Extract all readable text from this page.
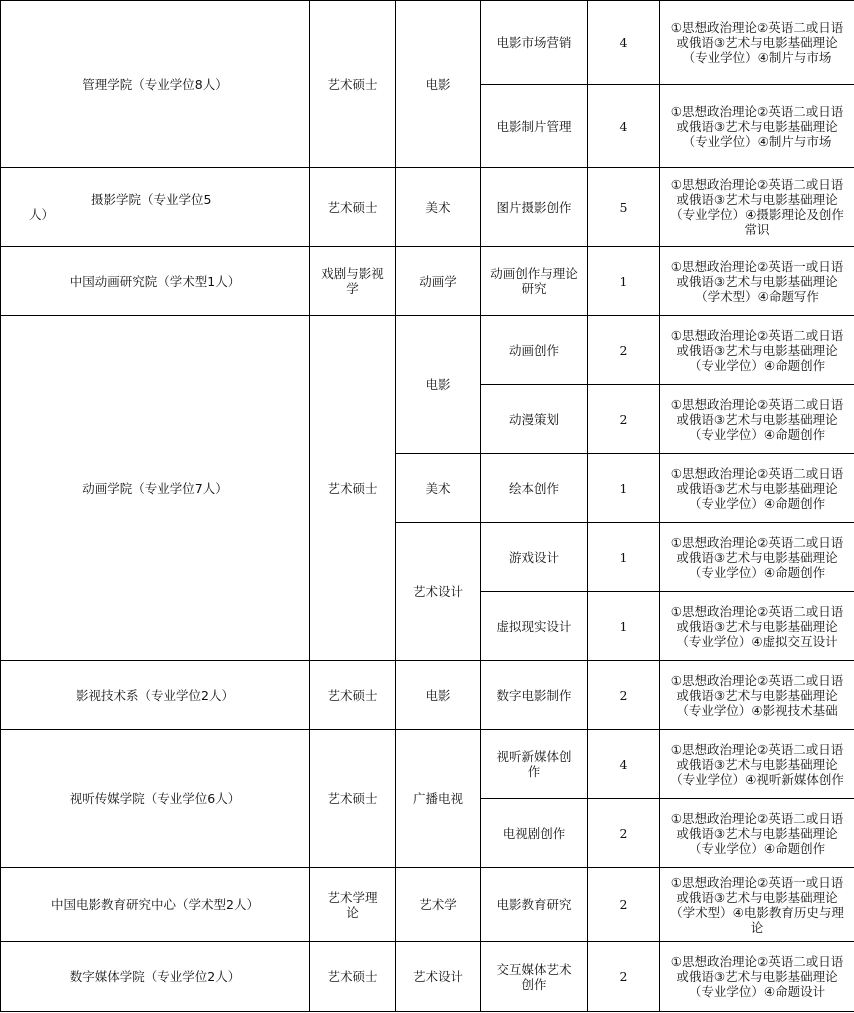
管理学院（专业学位8人）	艺术硕士	电影	电影市场营销	4	①思想政治理论②英语二或日语或俄语③艺术与电影基础理论（专业学位）④制片与市场
			电影制片管理	4	①思想政治理论②英语二或日语或俄语③艺术与电影基础理论（专业学位）④制片与市场
摄影学院（专业学位5人）	艺术硕士	美术	图片摄影创作	5	①思想政治理论②英语二或日语或俄语③艺术与电影基础理论（专业学位）④摄影理论及创作常识
中国动画研究院（学术型1人）	戏剧与影视学	动画学	动画创作与理论研究	1	①思想政治理论②英语一或日语或俄语③艺术与电影基础理论（学术型）④命题写作
动画学院（专业学位7人）	艺术硕士	电影	动画创作	2	①思想政治理论②英语二或日语或俄语③艺术与电影基础理论（专业学位）④命题创作
			动漫策划	2	①思想政治理论②英语二或日语或俄语③艺术与电影基础理论（专业学位）④命题创作
		美术	绘本创作	1	①思想政治理论②英语二或日语或俄语③艺术与电影基础理论（专业学位）④命题创作
		艺术设计	游戏设计	1	①思想政治理论②英语二或日语或俄语③艺术与电影基础理论（专业学位）④命题创作
			虚拟现实设计	1	①思想政治理论②英语二或日语或俄语③艺术与电影基础理论（专业学位）④虚拟交互设计
影视技术系（专业学位2人）	艺术硕士	电影	数字电影制作	2	①思想政治理论②英语二或日语或俄语③艺术与电影基础理论（专业学位）④影视技术基础
视听传媒学院（专业学位6人）	艺术硕士	广播电视	视听新媒体创作	4	①思想政治理论②英语二或日语或俄语③艺术与电影基础理论（专业学位）④视听新媒体创作
			电视剧创作	2	①思想政治理论②英语二或日语或俄语③艺术与电影基础理论（专业学位）④命题创作
中国电影教育研究中心（学术型2人）	艺术学理论	艺术学	电影教育研究	2	①思想政治理论②英语一或日语或俄语③艺术与电影基础理论（学术型）④电影教育历史与理论
数字媒体学院（专业学位2人）	艺术硕士	艺术设计	交互媒体艺术创作	2	①思想政治理论②英语二或日语或俄语③艺术与电影基础理论（专业学位）④命题设计
